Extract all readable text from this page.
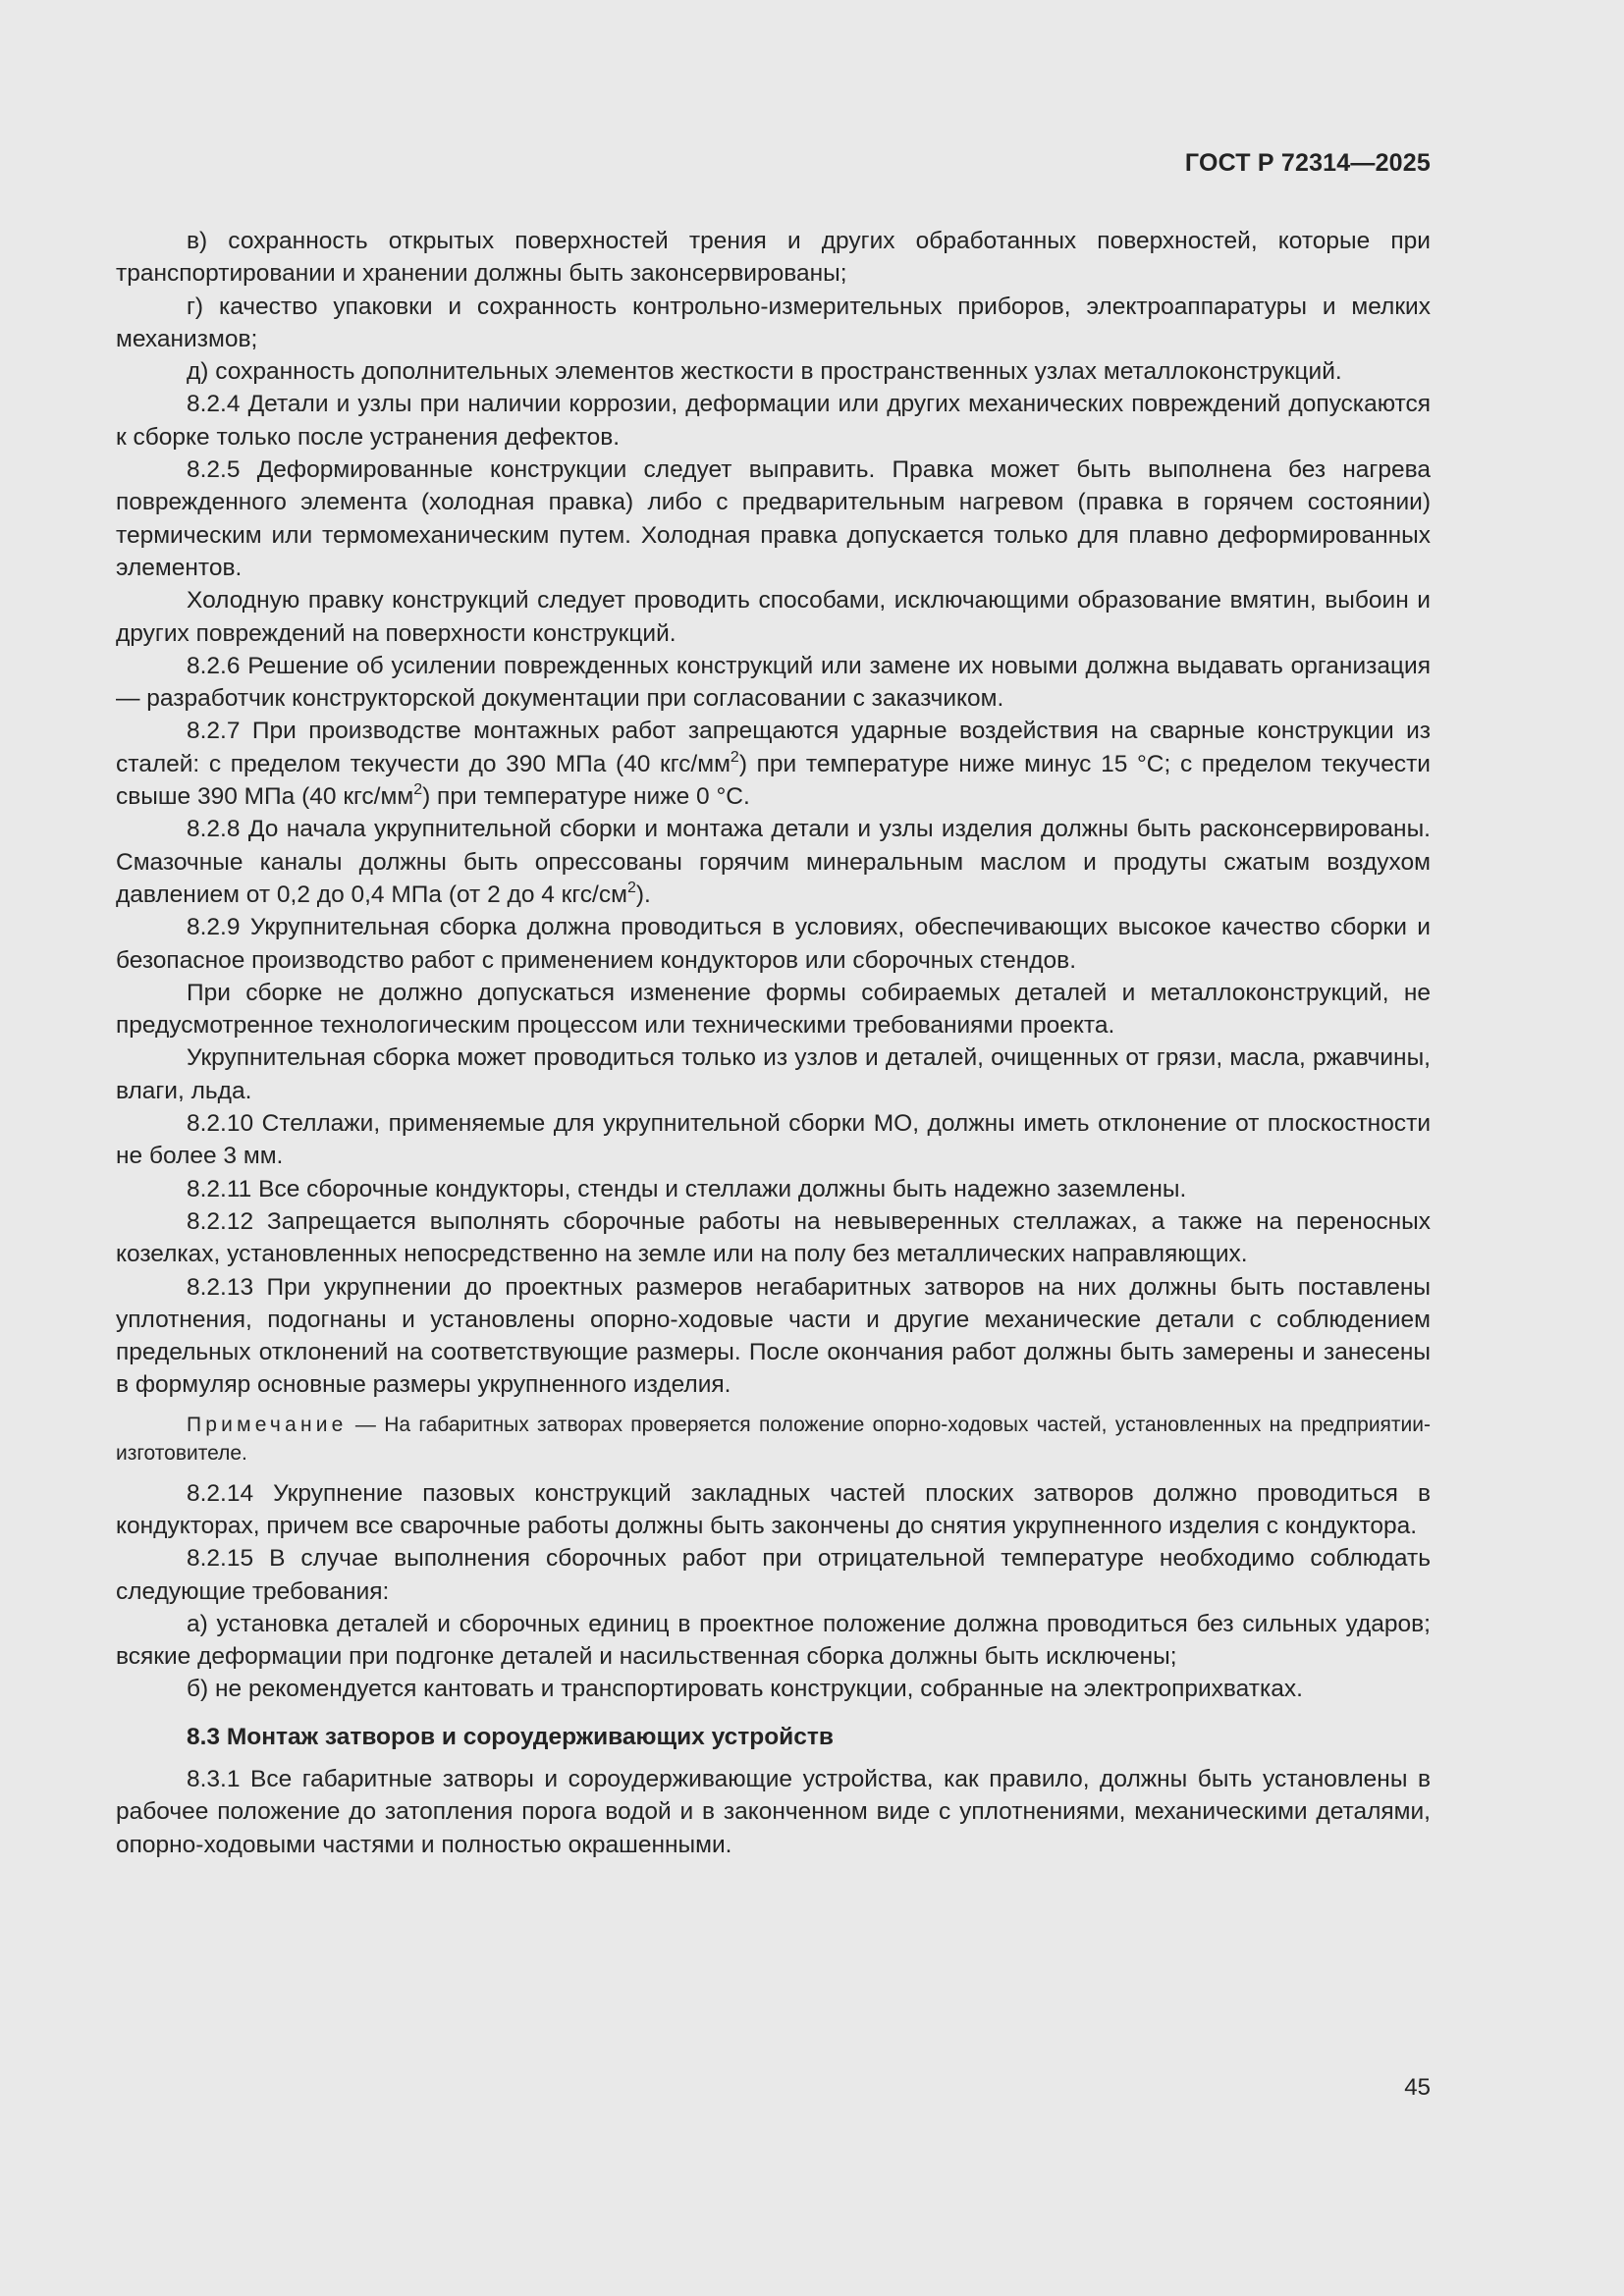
ГОСТ Р 72314—2025

в) сохранность открытых поверхностей трения и других обработанных поверхностей, которые при транспортировании и хранении должны быть законсервированы;

г) качество упаковки и сохранность контрольно-измерительных приборов, электроаппаратуры и мелких механизмов;

д) сохранность дополнительных элементов жесткости в пространственных узлах металлоконструкций.

8.2.4 Детали и узлы при наличии коррозии, деформации или других механических повреждений допускаются к сборке только после устранения дефектов.

8.2.5 Деформированные конструкции следует выправить. Правка может быть выполнена без нагрева поврежденного элемента (холодная правка) либо с предварительным нагревом (правка в горячем состоянии) термическим или термомеханическим путем. Холодная правка допускается только для плавно деформированных элементов.

Холодную правку конструкций следует проводить способами, исключающими образование вмятин, выбоин и других повреждений на поверхности конструкций.

8.2.6 Решение об усилении поврежденных конструкций или замене их новыми должна выдавать организация — разработчик конструкторской документации при согласовании с заказчиком.

8.2.7 При производстве монтажных работ запрещаются ударные воздействия на сварные конструкции из сталей: с пределом текучести до 390 МПа (40 кгс/$мм^2$) при температуре ниже минус 15 °С; с пределом текучести свыше 390 МПа (40 кгс/$мм^2$) при температуре ниже 0 °С.

8.2.8 До начала укрупнительной сборки и монтажа детали и узлы изделия должны быть расконсервированы. Смазочные каналы должны быть опрессованы горячим минеральным маслом и продуты сжатым воздухом давлением от 0,2 до 0,4 МПа (от 2 до 4 кгс/$см^2$).

8.2.9 Укрупнительная сборка должна проводиться в условиях, обеспечивающих высокое качество сборки и безопасное производство работ с применением кондукторов или сборочных стендов.

При сборке не должно допускаться изменение формы собираемых деталей и металлоконструкций, не предусмотренное технологическим процессом или техническими требованиями проекта.

Укрупнительная сборка может проводиться только из узлов и деталей, очищенных от грязи, масла, ржавчины, влаги, льда.

8.2.10 Стеллажи, применяемые для укрупнительной сборки МО, должны иметь отклонение от плоскостности не более 3 мм.

8.2.11 Все сборочные кондукторы, стенды и стеллажи должны быть надежно заземлены.

8.2.12 Запрещается выполнять сборочные работы на невыверенных стеллажах, а также на переносных козелках, установленных непосредственно на земле или на полу без металлических направляющих.

8.2.13 При укрупнении до проектных размеров негабаритных затворов на них должны быть поставлены уплотнения, подогнаны и установлены опорно-ходовые части и другие механические детали с соблюдением предельных отклонений на соответствующие размеры. После окончания работ должны быть замерены и занесены в формуляр основные размеры укрупненного изделия.

Примечание — На габаритных затворах проверяется положение опорно-ходовых частей, установленных на предприятии-изготовителе.

8.2.14 Укрупнение пазовых конструкций закладных частей плоских затворов должно проводиться в кондукторах, причем все сварочные работы должны быть закончены до снятия укрупненного изделия с кондуктора.

8.2.15 В случае выполнения сборочных работ при отрицательной температуре необходимо соблюдать следующие требования:

а) установка деталей и сборочных единиц в проектное положение должна проводиться без сильных ударов; всякие деформации при подгонке деталей и насильственная сборка должны быть исключены;

б) не рекомендуется кантовать и транспортировать конструкции, собранные на электроприхватках.

8.3 Монтаж затворов и сороудерживающих устройств

8.3.1 Все габаритные затворы и сороудерживающие устройства, как правило, должны быть установлены в рабочее положение до затопления порога водой и в законченном виде с уплотнениями, механическими деталями, опорно-ходовыми частями и полностью окрашенными.

45
